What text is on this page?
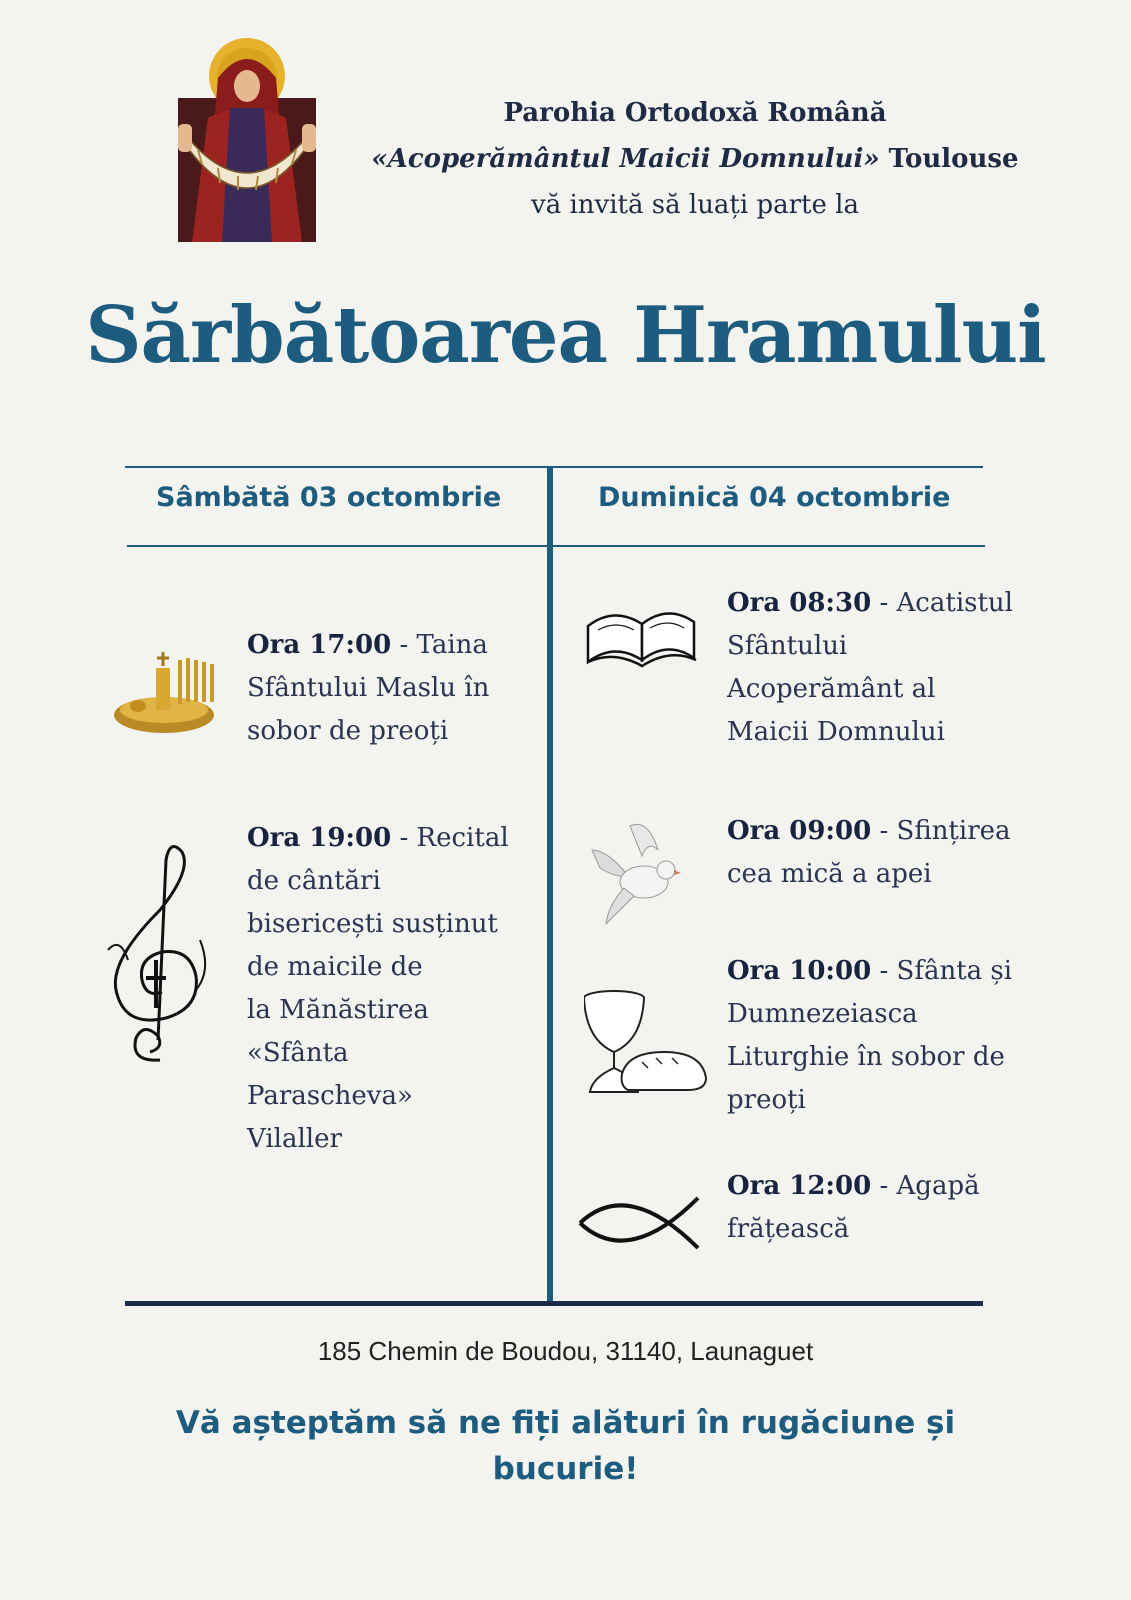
Parohia Ortodoxă Română
«Acoperământul Maicii Domnului» Toulouse
vă invită să luați parte la
Sărbătoarea Hramului
Sâmbătă 03 octombrie	Duminică 04 octombrie
Ora 17:00 - Taina
Sfântului Maslu în
sobor de preoți
Ora 19:00 - Recital
de cântări
bisericești susținut
de maicile de
la Mănăstirea
«Sfânta
Parascheva»
Vilaller
Ora 08:30 - Acatistul
Sfântului
Acoperământ al
Maicii Domnului
Ora 09:00 - Sfințirea
cea mică a apei
Ora 10:00 - Sfânta și
Dumnezeiasca
Liturghie în sobor de
preoți
Ora 12:00 - Agapă
frățească
185 Chemin de Boudou, 31140, Launaguet
Vă așteptăm să ne fiți alături în rugăciune și bucurie!
